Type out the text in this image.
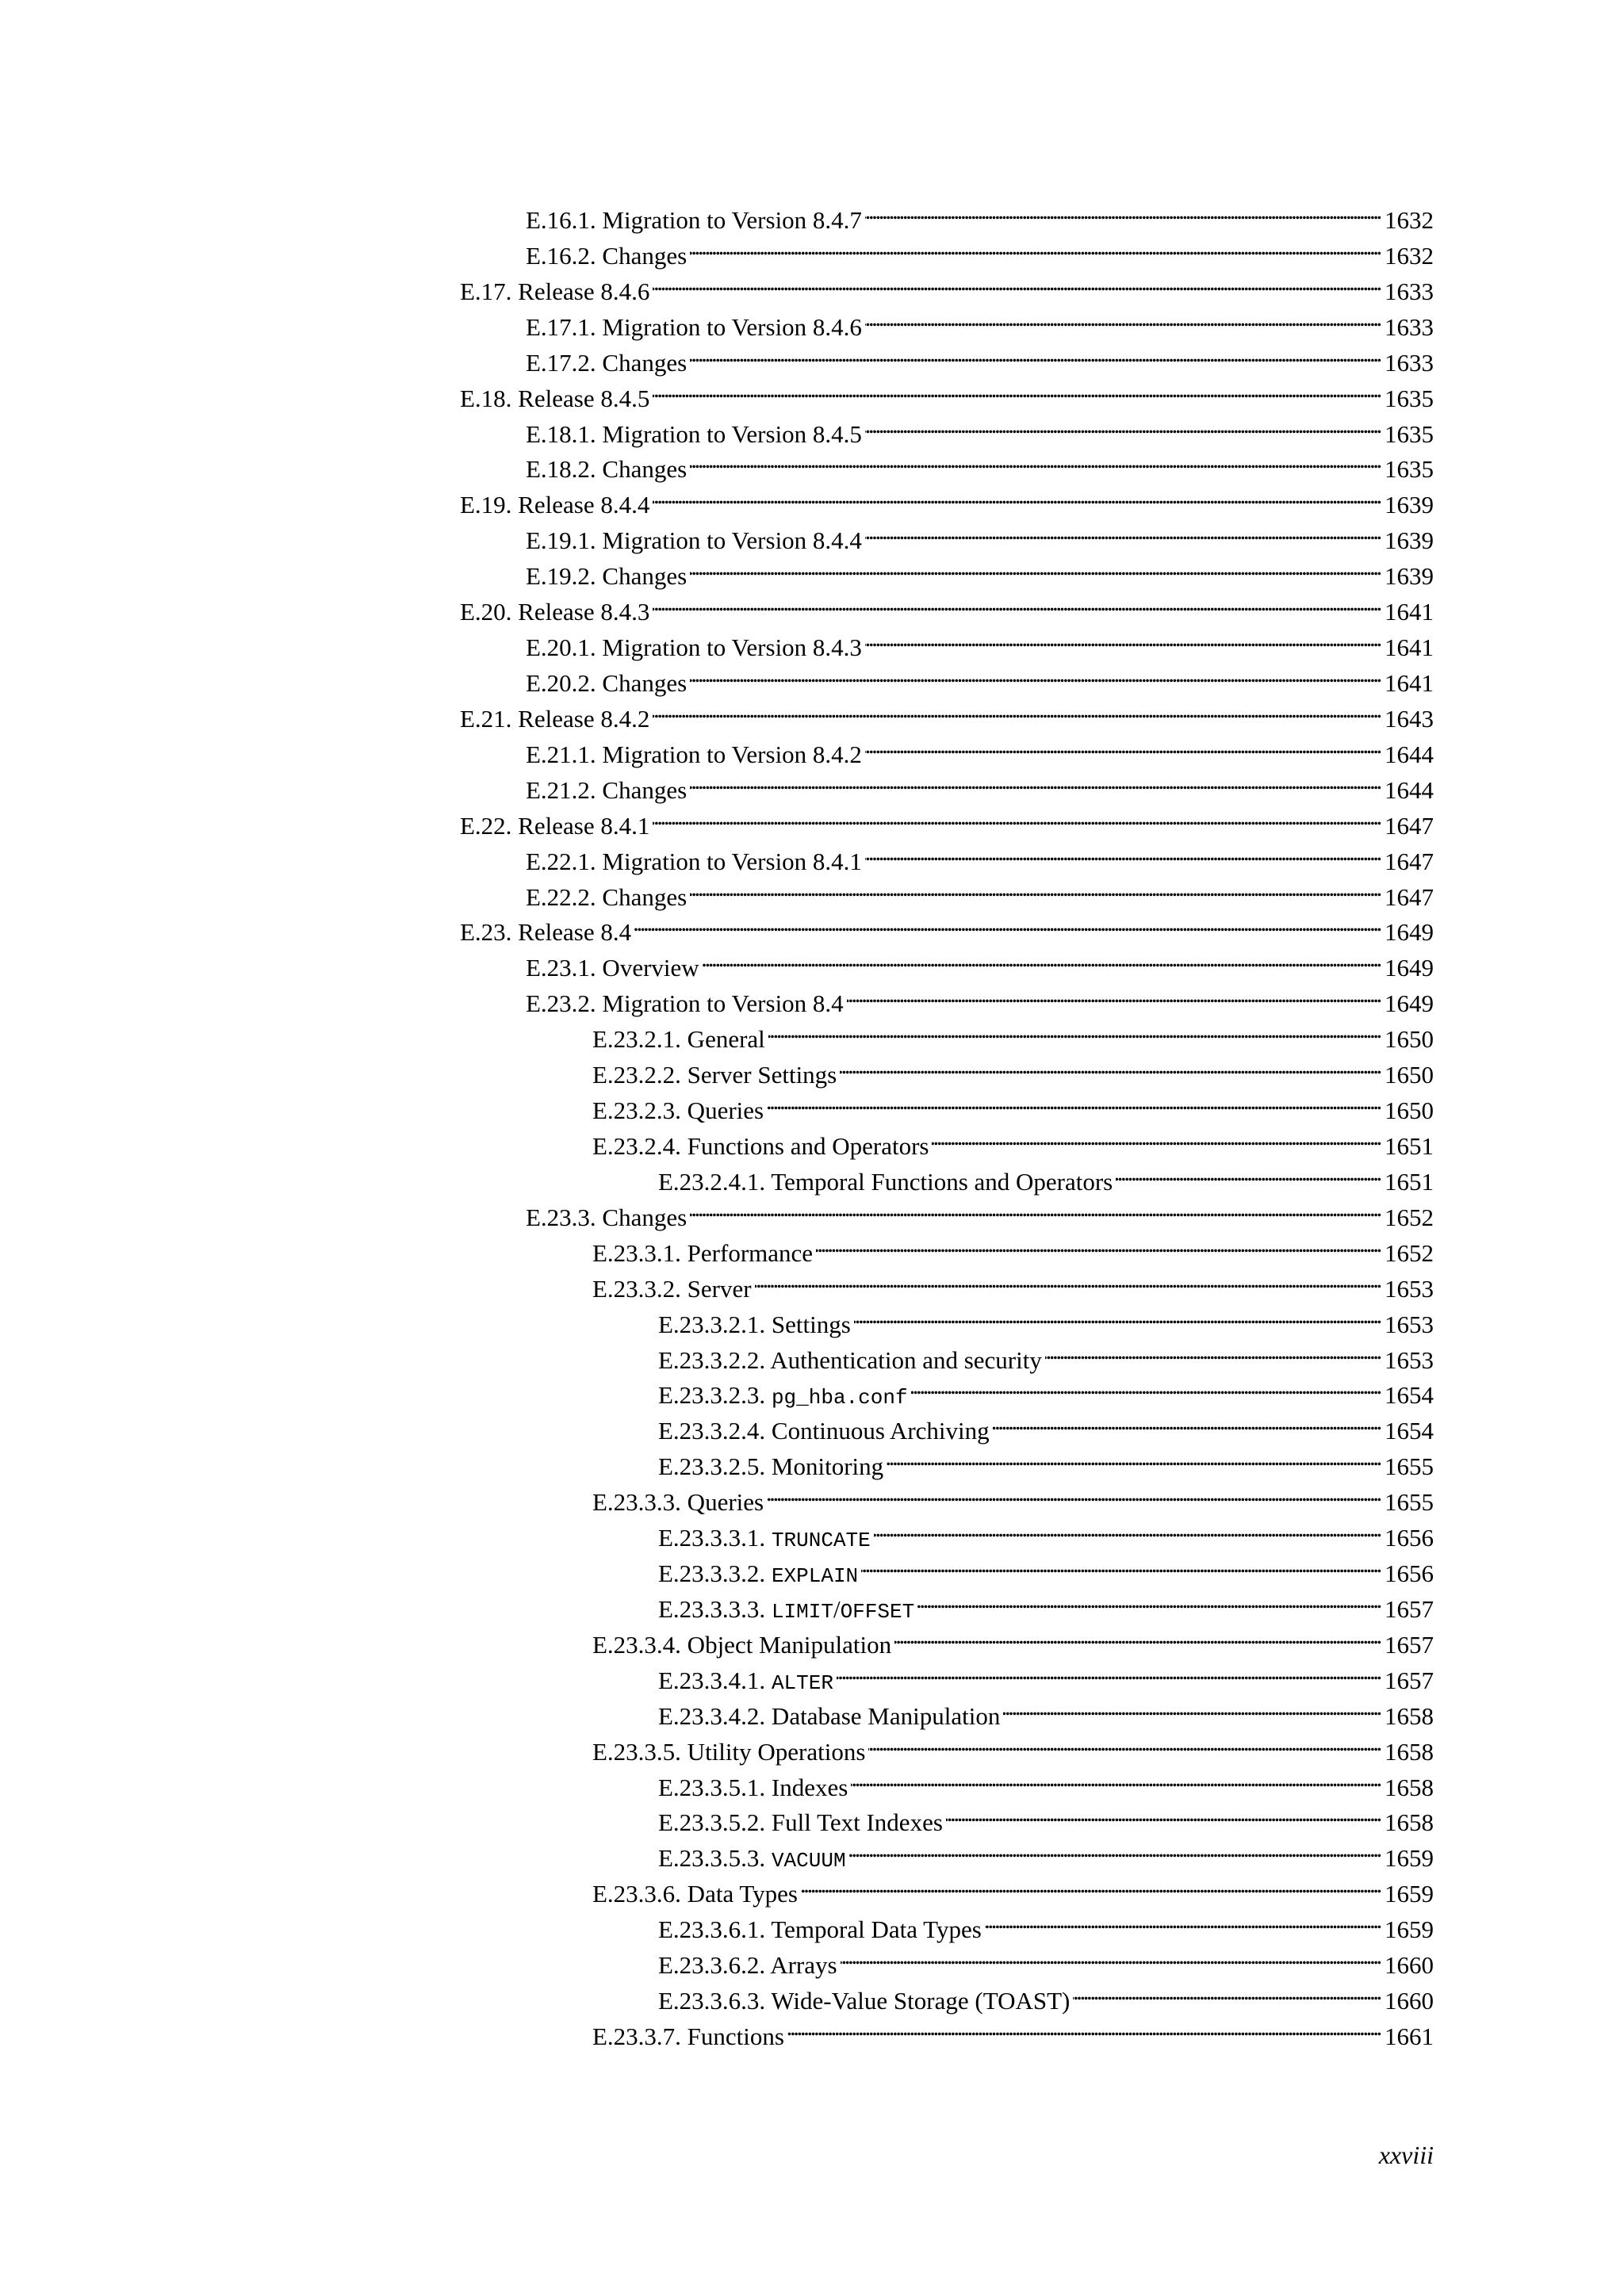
E.16.1. Migration to Version 8.4.7 . . .	1632
E.16.2. Changes . . .	1632
E.17. Release 8.4.6 . . .	1633
E.17.1. Migration to Version 8.4.6 . . .	1633
E.17.2. Changes . . .	1633
E.18. Release 8.4.5 . . .	1635
E.18.1. Migration to Version 8.4.5 . . .	1635
E.18.2. Changes . . .	1635
E.19. Release 8.4.4 . . .	1639
E.19.1. Migration to Version 8.4.4 . . .	1639
E.19.2. Changes . . .	1639
E.20. Release 8.4.3 . . .	1641
E.20.1. Migration to Version 8.4.3 . . .	1641
E.20.2. Changes . . .	1641
E.21. Release 8.4.2 . . .	1643
E.21.1. Migration to Version 8.4.2 . . .	1644
E.21.2. Changes . . .	1644
E.22. Release 8.4.1 . . .	1647
E.22.1. Migration to Version 8.4.1 . . .	1647
E.22.2. Changes . . .	1647
E.23. Release 8.4 . . .	1649
E.23.1. Overview . . .	1649
E.23.2. Migration to Version 8.4 . . .	1649
E.23.2.1. General . . .	1650
E.23.2.2. Server Settings . . .	1650
E.23.2.3. Queries . . .	1650
E.23.2.4. Functions and Operators . . .	1651
E.23.2.4.1. Temporal Functions and Operators . . .	1651
E.23.3. Changes . . .	1652
E.23.3.1. Performance . . .	1652
E.23.3.2. Server . . .	1653
E.23.3.2.1. Settings . . .	1653
E.23.3.2.2. Authentication and security . . .	1653
E.23.3.2.3. pg_hba.conf . . .	1654
E.23.3.2.4. Continuous Archiving . . .	1654
E.23.3.2.5. Monitoring . . .	1655
E.23.3.3. Queries . . .	1655
E.23.3.3.1. TRUNCATE . . .	1656
E.23.3.3.2. EXPLAIN . . .	1656
E.23.3.3.3. LIMIT/OFFSET . . .	1657
E.23.3.4. Object Manipulation . . .	1657
E.23.3.4.1. ALTER . . .	1657
E.23.3.4.2. Database Manipulation . . .	1658
E.23.3.5. Utility Operations . . .	1658
E.23.3.5.1. Indexes . . .	1658
E.23.3.5.2. Full Text Indexes . . .	1658
E.23.3.5.3. VACUUM . . .	1659
E.23.3.6. Data Types . . .	1659
E.23.3.6.1. Temporal Data Types . . .	1659
E.23.3.6.2. Arrays . . .	1660
E.23.3.6.3. Wide-Value Storage (TOAST) . . .	1660
E.23.3.7. Functions . . .	1661
xxviii
